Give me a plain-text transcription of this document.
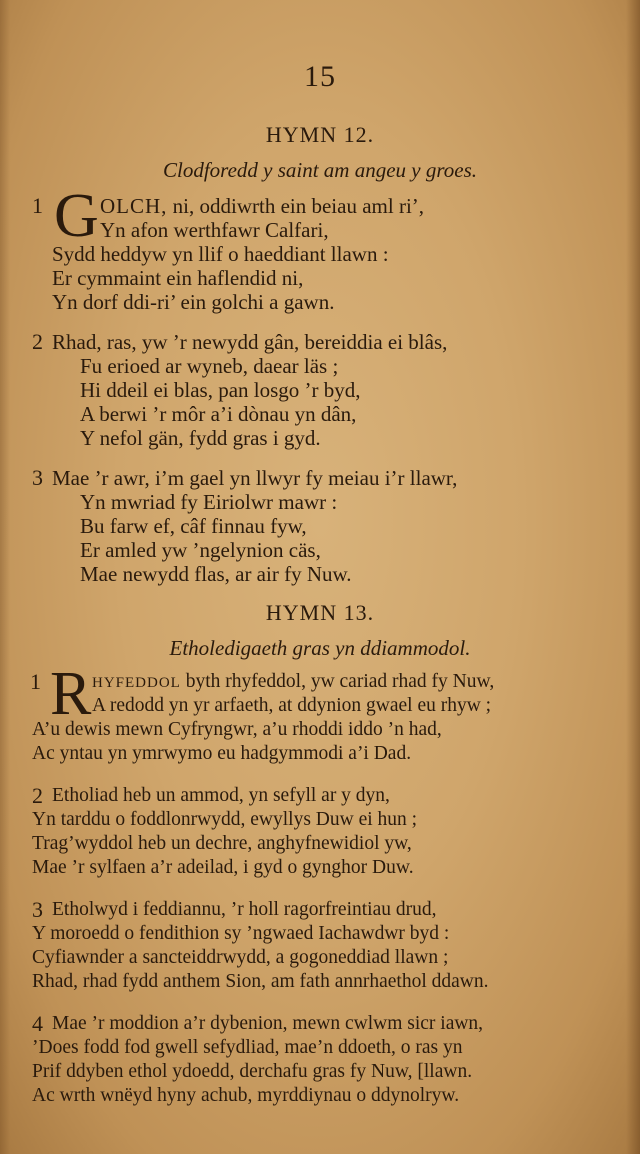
15
HYMN 12.
Clodforedd y saint am angeu y groes.
1 G OLCH, ni, oddiwrth ein beiau aml ri’,
Yn afon werthfawr Calfari,
Sydd heddyw yn llif o haeddiant llawn :
Er cymmaint ein haflendid ni,
Yn dorf ddi-ri’ ein golchi a gawn.
2 Rhad, ras, yw ’r newydd gân, bereiddia ei blâs,
Fu erioed ar wyneb, daear läs ;
Hi ddeil ei blas, pan losgo ’r byd,
A berwi ’r môr a’i dònau yn dân,
Y nefol gän, fydd gras i gyd.
3 Mae ’r awr, i’m gael yn llwyr fy meiau i’r llawr,
Yn mwriad fy Eiriolwr mawr :
Bu farw ef, câf finnau fyw,
Er amled yw ’ngelynion cäs,
Mae newydd flas, ar air fy Nuw.
HYMN 13.
Etholedigaeth gras yn ddiammodol.
1 R HYFEDDOL byth rhyfeddol, yw cariad rhad fy Nuw,
A redodd yn yr arfaeth, at ddynion gwael eu rhyw ;
A’u dewis mewn Cyfryngwr, a’u rhoddi iddo ’n had,
Ac yntau yn ymrwymo eu hadgymmodi a’i Dad.
2 Etholiad heb un ammod, yn sefyll ar y dyn,
Yn tarddu o foddlonrwydd, ewyllys Duw ei hun ;
Trag’wyddol heb un dechre, anghyfnewidiol yw,
Mae ’r sylfaen a’r adeilad, i gyd o gynghor Duw.
3 Etholwyd i feddiannu, ’r holl ragorfreintiau drud,
Y moroedd o fendithion sy ’ngwaed Iachawdwr byd :
Cyfiawnder a sancteiddrwydd, a gogoneddiad llawn ;
Rhad, rhad fydd anthem Sion, am fath annrhaethol ddawn.
4 Mae ’r moddion a’r dybenion, mewn cwlwm sicr iawn,
’Does fodd fod gwell sefydliad, mae’n ddoeth, o ras yn
Prif ddyben ethol ydoedd, derchafu gras fy Nuw, [llawn.
Ac wrth wnëyd hyny achub, myrddiynau o ddynolryw.
